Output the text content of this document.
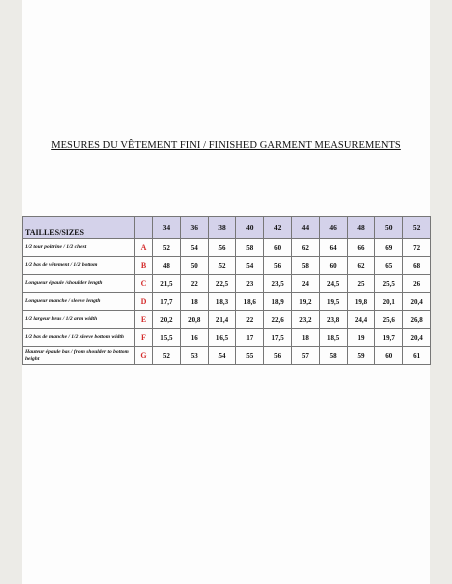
MESURES DU VÊTEMENT FINI / FINISHED GARMENT MEASUREMENTS
TAILLES/SIZES		34	36	38	40	42	44	46	48	50	52
1/2 tour poitrine / 1/2 chest	A	52	54	56	58	60	62	64	66	69	72
1/2 bas de vêtement / 1/2 bottom	B	48	50	52	54	56	58	60	62	65	68
Longueur épaule /shoulder length	C	21,5	22	22,5	23	23,5	24	24,5	25	25,5	26
Longueur manche / sleeve length	D	17,7	18	18,3	18,6	18,9	19,2	19,5	19,8	20,1	20,4
1/2 largeur bras / 1/2 arm width	E	20,2	20,8	21,4	22	22,6	23,2	23,8	24,4	25,6	26,8
1/2 bas de manche / 1/2 sleeve bottom width	F	15,5	16	16,5	17	17,5	18	18,5	19	19,7	20,4
Hauteur épaule bas / from shoulder to bottom height	G	52	53	54	55	56	57	58	59	60	61
